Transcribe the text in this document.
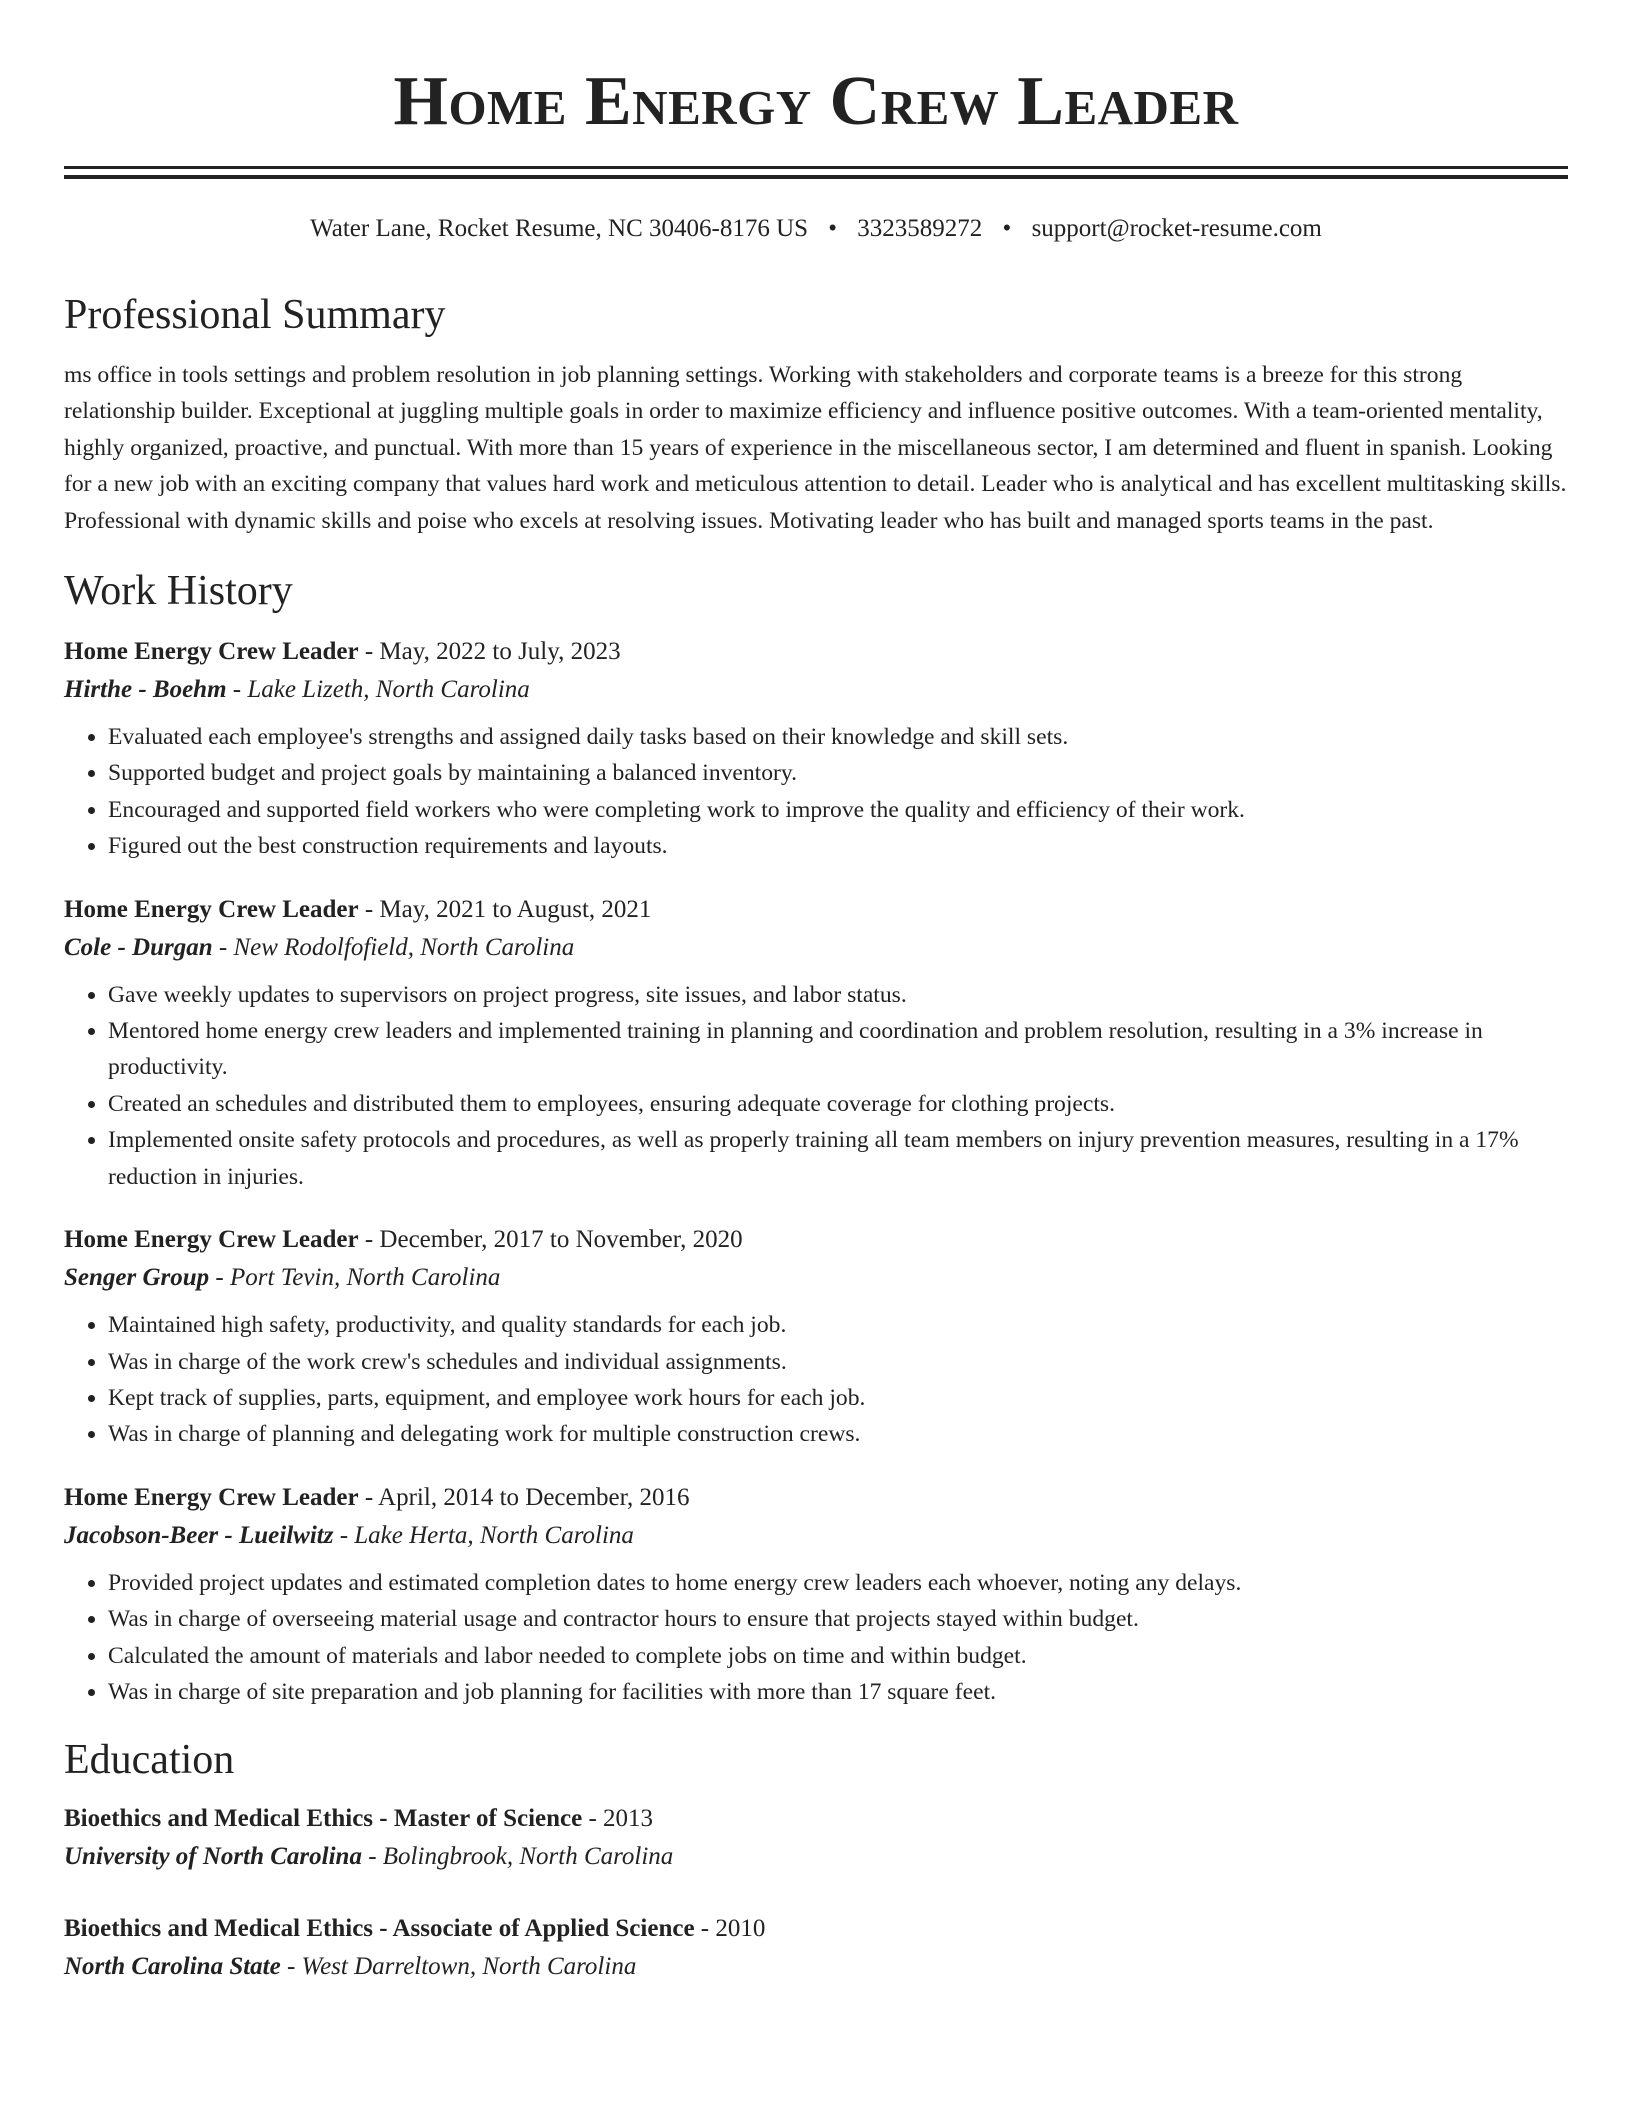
Home Energy Crew Leader
Water Lane, Rocket Resume, NC 30406-8176 US • 3323589272 • support@rocket-resume.com
Professional Summary

ms office in tools settings and problem resolution in job planning settings. Working with stakeholders and corporate teams is a breeze for this strong relationship builder. Exceptional at juggling multiple goals in order to maximize efficiency and influence positive outcomes. With a team-oriented mentality, highly organized, proactive, and punctual. With more than 15 years of experience in the miscellaneous sector, I am determined and fluent in spanish. Looking for a new job with an exciting company that values hard work and meticulous attention to detail. Leader who is analytical and has excellent multitasking skills. Professional with dynamic skills and poise who excels at resolving issues. Motivating leader who has built and managed sports teams in the past.

Work History
Home Energy Crew Leader - May, 2022 to July, 2023
Hirthe - Boehm - Lake Lizeth, North Carolina
• Evaluated each employee's strengths and assigned daily tasks based on their knowledge and skill sets.
• Supported budget and project goals by maintaining a balanced inventory.
• Encouraged and supported field workers who were completing work to improve the quality and efficiency of their work.
• Figured out the best construction requirements and layouts.
Home Energy Crew Leader - May, 2021 to August, 2021
Cole - Durgan - New Rodolfofield, North Carolina
• Gave weekly updates to supervisors on project progress, site issues, and labor status.
• Mentored home energy crew leaders and implemented training in planning and coordination and problem resolution, resulting in a 3% increase in productivity.
• Created an schedules and distributed them to employees, ensuring adequate coverage for clothing projects.
• Implemented onsite safety protocols and procedures, as well as properly training all team members on injury prevention measures, resulting in a 17% reduction in injuries.
Home Energy Crew Leader - December, 2017 to November, 2020
Senger Group - Port Tevin, North Carolina
• Maintained high safety, productivity, and quality standards for each job.
• Was in charge of the work crew's schedules and individual assignments.
• Kept track of supplies, parts, equipment, and employee work hours for each job.
• Was in charge of planning and delegating work for multiple construction crews.
Home Energy Crew Leader - April, 2014 to December, 2016
Jacobson-Beer - Lueilwitz - Lake Herta, North Carolina
• Provided project updates and estimated completion dates to home energy crew leaders each whoever, noting any delays.
• Was in charge of overseeing material usage and contractor hours to ensure that projects stayed within budget.
• Calculated the amount of materials and labor needed to complete jobs on time and within budget.
• Was in charge of site preparation and job planning for facilities with more than 17 square feet.
Education
Bioethics and Medical Ethics - Master of Science - 2013
University of North Carolina - Bolingbrook, North Carolina
Bioethics and Medical Ethics - Associate of Applied Science - 2010
North Carolina State - West Darreltown, North Carolina
